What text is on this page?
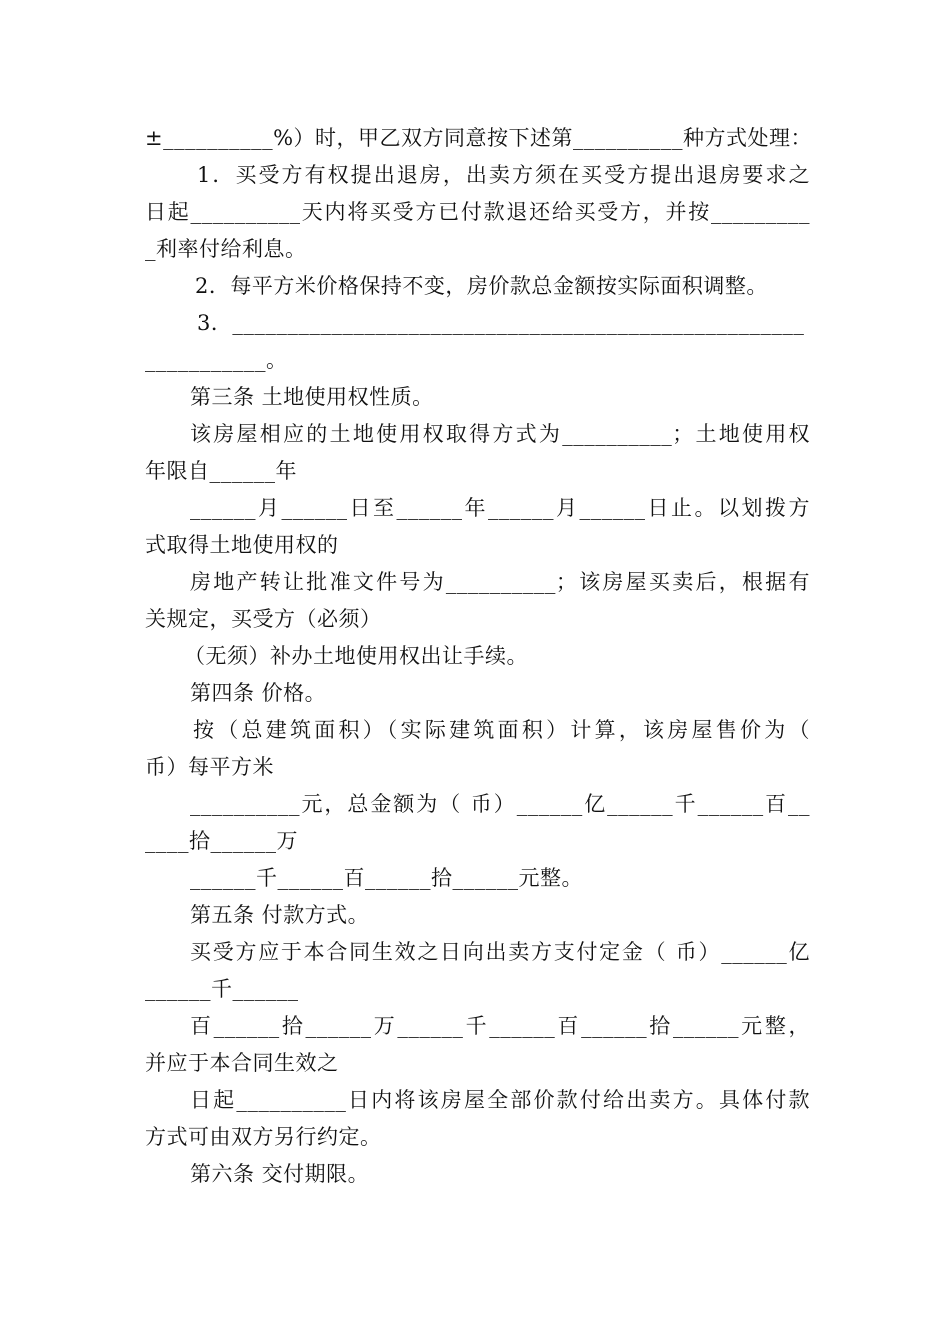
±__________%）时，甲乙双方同意按下述第__________种方式处理：
1．买受方有权提出退房，出卖方须在买受方提出退房要求之
日起__________天内将买受方已付款退还给买受方，并按_________
_利率付给利息。
2．每平方米价格保持不变，房价款总金额按实际面积调整。
3．____________________________________________________
___________。
第三条 土地使用权性质。
该房屋相应的土地使用权取得方式为__________；土地使用权
年限自______年
______月______日至______年______月______日止。以划拨方
式取得土地使用权的
房地产转让批准文件号为__________；该房屋买卖后，根据有
关规定，买受方（必须）
（无须）补办土地使用权出让手续。
第四条 价格。
按（总建筑面积）（实际建筑面积）计算，该房屋售价为（
币）每平方米
__________元，总金额为（ 币）______亿______千______百__
____拾______万
______千______百______拾______元整。
第五条 付款方式。
买受方应于本合同生效之日向出卖方支付定金（ 币）______亿
______千______
百______拾______万______千______百______拾______元整，
并应于本合同生效之
日起__________日内将该房屋全部价款付给出卖方。具体付款
方式可由双方另行约定。
第六条 交付期限。
